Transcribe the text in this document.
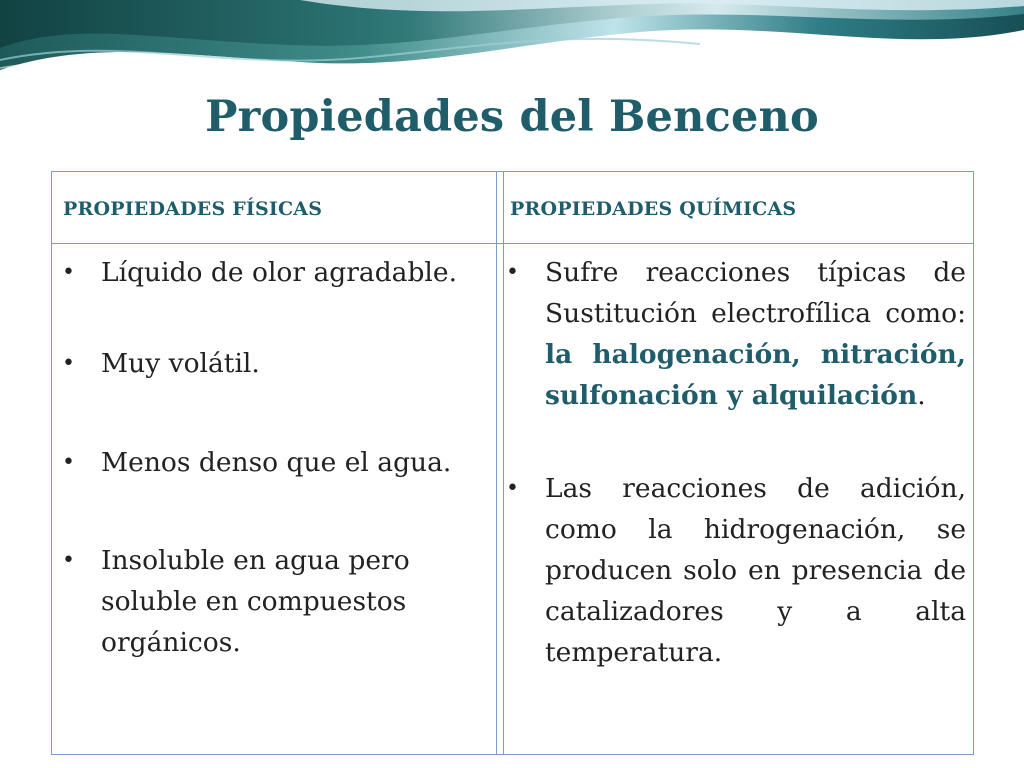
Propiedades del Benceno
PROPIEDADES FÍSICAS	PROPIEDADES QUÍMICAS
• Líquido de olor agradable.
• Muy volátil.
• Menos denso que el agua.
• Insoluble en agua pero soluble en compuestos orgánicos.
• Sufre reacciones típicas de Sustitución electrofílica como: la halogenación, nitración, sulfonación y alquilación.
• Las reacciones de adición, como la hidrogenación, se producen solo en presencia de catalizadores y a alta temperatura.
